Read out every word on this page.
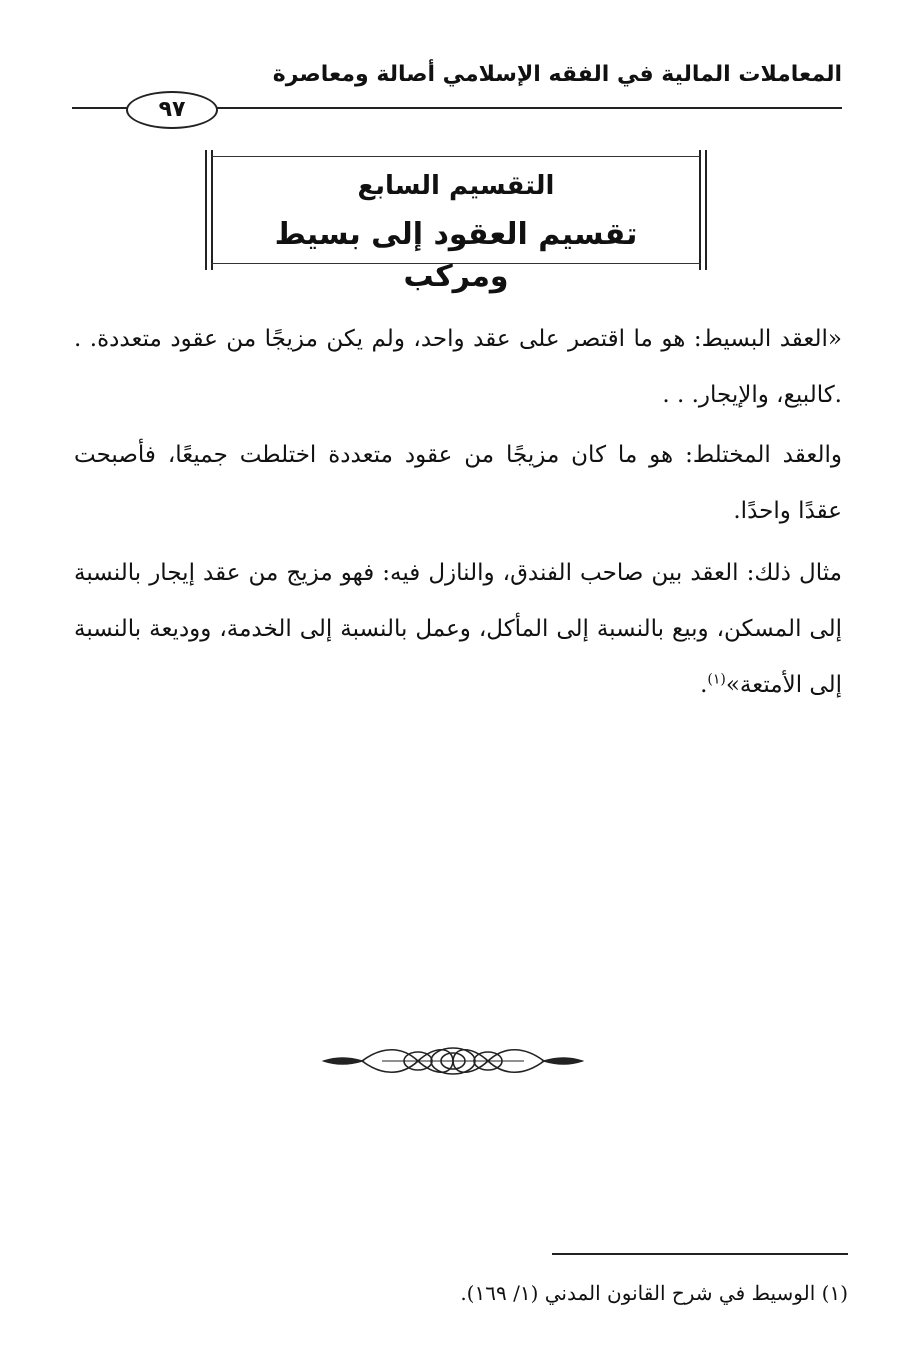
المعاملات المالية في الفقه الإسلامي أصالة ومعاصرة
٩٧
التقسيم السابع
تقسيم العقود إلى بسيط ومركب

«العقد البسيط: هو ما اقتصر على عقد واحد، ولم يكن مزيجًا من عقود متعددة. . .كالبيع، والإيجار. . .

والعقد المختلط: هو ما كان مزيجًا من عقود متعددة اختلطت جميعًا، فأصبحت عقدًا واحدًا.

مثال ذلك: العقد بين صاحب الفندق، والنازل فيه: فهو مزيج من عقد إيجار بالنسبة إلى المسكن، وبيع بالنسبة إلى المأكل، وعمل بالنسبة إلى الخدمة، ووديعة بالنسبة إلى الأمتعة»$^{(١)}$.

(١) الوسيط في شرح القانون المدني (١/ ١٦٩).
